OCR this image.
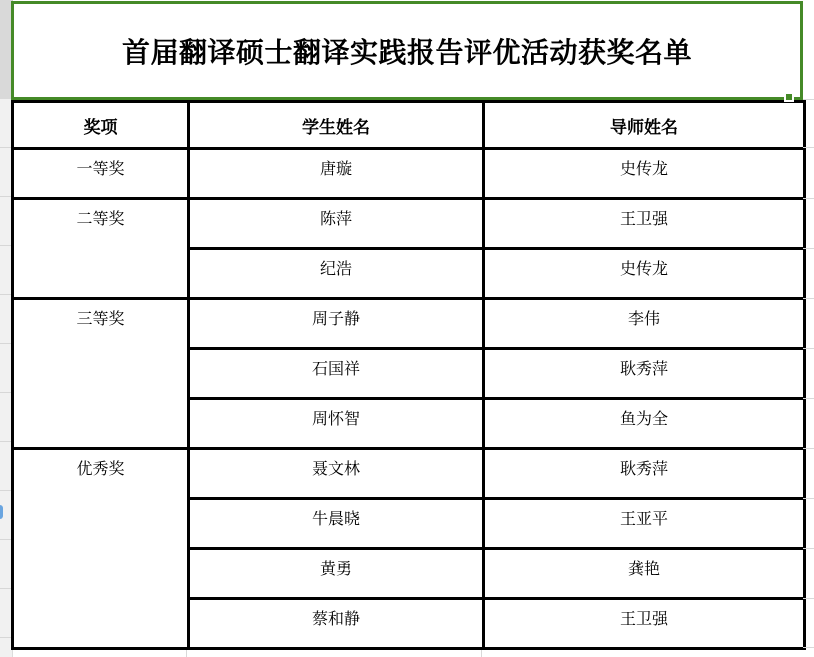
奖项	学生姓名	导师姓名
一等奖	唐璇	史传龙
二等奖	陈萍	王卫强
	纪浩	史传龙
三等奖	周子静	李伟
	石国祥	耿秀萍
	周怀智	鱼为全
优秀奖	聂文林	耿秀萍
	牛晨晓	王亚平
	黄勇	龚艳
	蔡和静	王卫强
首届翻译硕士翻译实践报告评优活动获奖名单
